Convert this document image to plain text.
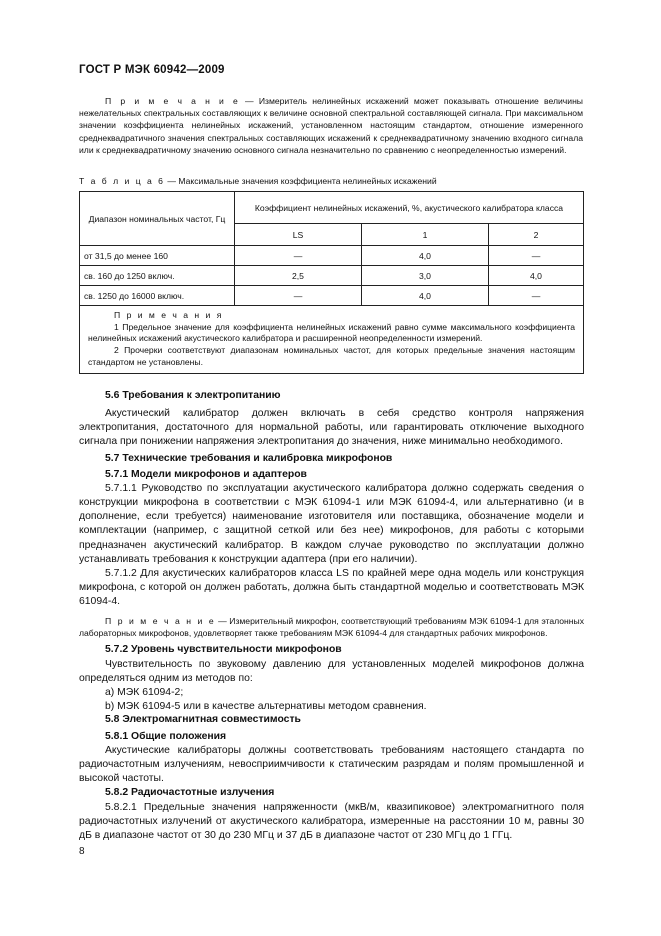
ГОСТ Р МЭК 60942—2009
П р и м е ч а н и е — Измеритель нелинейных искажений может показывать отношение величины нежелательных спектральных составляющих к величине основной спектральной составляющей сигнала. При максимальном значении коэффициента нелинейных искажений, установленном настоящим стандартом, отношение измеренного среднеквадратичного значения спектральных составляющих искажений к среднеквадратичному значению входного сигнала или к среднеквадратичному значению основного сигнала незначительно по сравнению с неопределенностью измерений.
Т а б л и ц а 6 — Максимальные значения коэффициента нелинейных искажений
Диапазон номинальных частот, Гц	Коэффициент нелинейных искажений, %, акустического калибратора класса		
	LS	1	2
от 31,5 до менее 160	—	4,0	—
св. 160 до 1250 включ.	2,5	3,0	4,0
св. 1250 до 16000 включ.	—	4,0	—

П р и м е ч а н и я
1 Предельное значение для коэффициента нелинейных искажений равно сумме максимального коэффициента нелинейных искажений акустического калибратора и расширенной неопределенности измерений.
2 Прочерки соответствуют диапазонам номинальных частот, для которых предельные значения настоящим стандартом не установлены.			
5.6 Требования к электропитанию

Акустический калибратор должен включать в себя средство контроля напряжения электропитания, достаточного для нормальной работы, или гарантировать отключение выходного сигнала при понижении напряжения электропитания до значения, ниже минимально необходимого.

5.7 Технические требования и калибровка микрофонов
5.7.1 Модели микрофонов и адаптеров

5.7.1.1 Руководство по эксплуатации акустического калибратора должно содержать сведения о конструкции микрофона в соответствии с МЭК 61094-1 или МЭК 61094-4, или альтернативно (и в дополнение, если требуется) наименование изготовителя или поставщика, обозначение модели и комплектации (например, с защитной сеткой или без нее) микрофонов, для работы с которыми предназначен акустический калибратор. В каждом случае руководство по эксплуатации должно устанавливать требования к конструкции адаптера (при его наличии).

5.7.1.2 Для акустических калибраторов класса LS по крайней мере одна модель или конструкция микрофона, с которой он должен работать, должна быть стандартной моделью и соответствовать МЭК 61094-4.

П р и м е ч а н и е — Измерительный микрофон, соответствующий требованиям МЭК 61094-1 для эталонных лабораторных микрофонов, удовлетворяет также требованиям МЭК 61094-4 для стандартных рабочих микрофонов.

5.7.2 Уровень чувствительности микрофонов

Чувствительность по звуковому давлению для установленных моделей микрофонов должна определяться одним из методов по:

a) МЭК 61094-2;

b) МЭК 61094-5 или в качестве альтернативы методом сравнения.

5.8 Электромагнитная совместимость
5.8.1 Общие положения

Акустические калибраторы должны соответствовать требованиям настоящего стандарта по радиочастотным излучениям, невосприимчивости к статическим разрядам и полям промышленной и высокой частоты.

5.8.2 Радиочастотные излучения

5.8.2.1 Предельные значения напряженности (мкВ/м, квазипиковое) электромагнитного поля радиочастотных излучений от акустического калибратора, измеренные на расстоянии 10 м, равны 30 дБ в диапазоне частот от 30 до 230 МГц и 37 дБ в диапазоне частот от 230 МГц до 1 ГГц.

8
